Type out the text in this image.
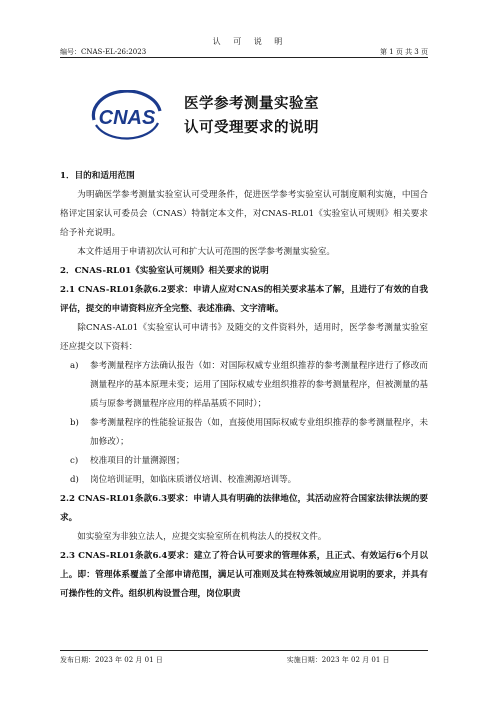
认 可 说 明
编号：CNAS-EL-26:2023	第 1 页 共 3 页
CNAS
医学参考测量实验室
认可受理要求的说明

1．目的和适用范围

为明确医学参考测量实验室认可受理条件，促进医学参考实验室认可制度顺利实施，中国合格评定国家认可委员会（CNAS）特制定本文件，对CNAS-RL01《实验室认可规则》相关要求给予补充说明。

本文件适用于申请初次认可和扩大认可范围的医学参考测量实验室。

2．CNAS-RL01《实验室认可规则》相关要求的说明

2.1 CNAS-RL01条款6.2要求：申请人应对CNAS的相关要求基本了解，且进行了有效的自我评估，提交的申请资料应齐全完整、表述准确、文字清晰。

除CNAS-AL01《实验室认可申请书》及随交的文件资料外，适用时，医学参考测量实验室还应提交以下资料：

a)	参考测量程序方法确认报告（如：对国际权威专业组织推荐的参考测量程序进行了修改而测量程序的基本原理未变；运用了国际权威专业组织推荐的参考测量程序，但被测量的基质与原参考测量程序应用的样品基质不同时）；
b)	参考测量程序的性能验证报告（如，直接使用国际权威专业组织推荐的参考测量程序，未加修改）；
c)	校准项目的计量溯源图；
d)	岗位培训证明，如临床质谱仪培训、校准溯源培训等。

2.2 CNAS-RL01条款6.3要求：申请人具有明确的法律地位，其活动应符合国家法律法规的要求。

如实验室为非独立法人，应提交实验室所在机构法人的授权文件。

2.3 CNAS-RL01条款6.4要求：建立了符合认可要求的管理体系，且正式、有效运行6个月以上。即：管理体系覆盖了全部申请范围，满足认可准则及其在特殊领域应用说明的要求，并具有可操作性的文件。组织机构设置合理，岗位职责

发布日期：2023 年 02 月 01 日	实施日期：2023 年 02 月 01 日
